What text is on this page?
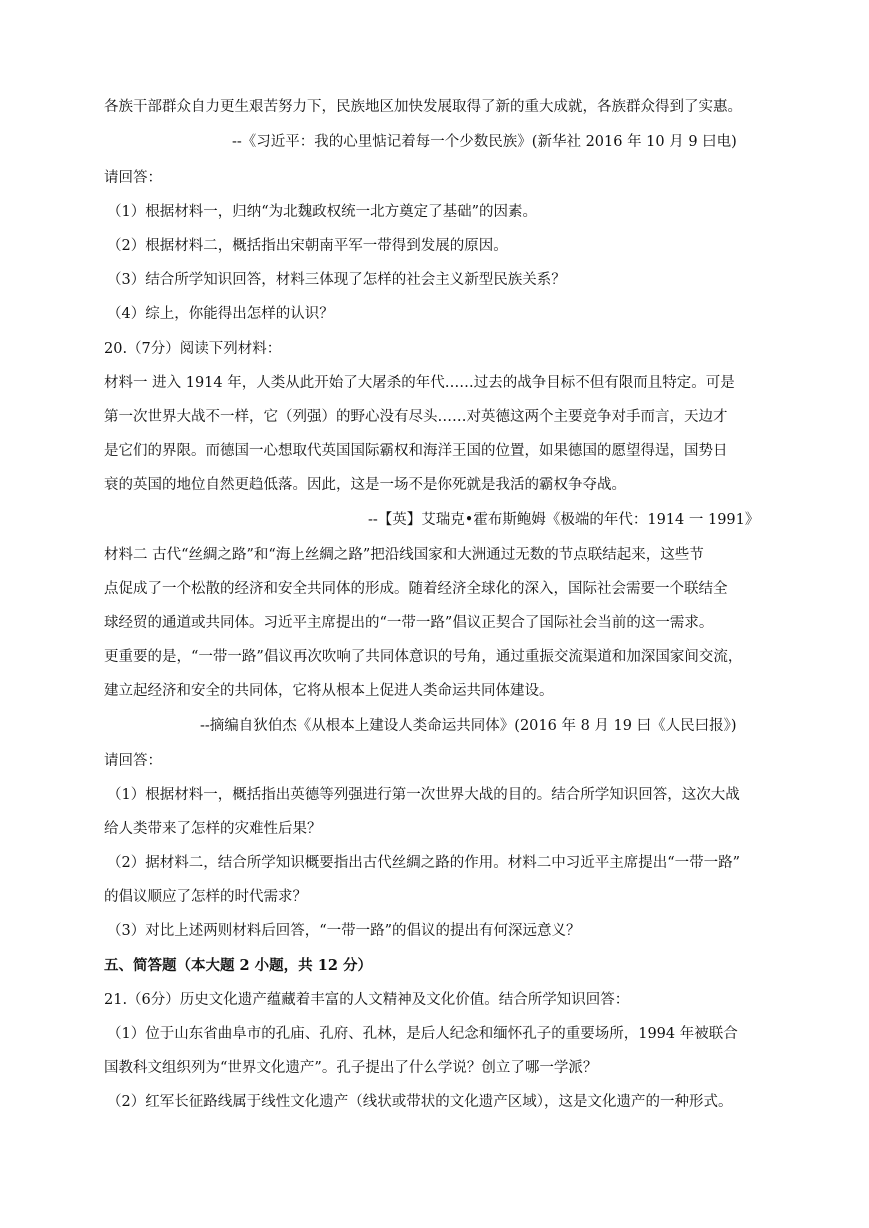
各族干部群众自力更生艰苦努力下，民族地区加快发展取得了新的重大成就，各族群众得到了实惠。
--《习近平：我的心里惦记着每一个少数民族》(新华社 2016 年 10 月 9 曰电)
请回答：
（1）根据材料一，归纳“为北魏政权统一北方奠定了基础”的因素。
（2）根据材料二，概括指出宋朝南平军一带得到发展的原因。
（3）结合所学知识回答，材料三体现了怎样的社会主义新型民族关系？
（4）综上，你能得出怎样的认识？
20.（7分）阅读下列材料：
材料一 进入 1914 年，人类从此开始了大屠杀的年代……过去的战争目标不但有限而且特定。可是
第一次世界大战不一样，它（列强）的野心没有尽头……对英德这两个主要竞争对手而言，天边才
是它们的界限。而德国一心想取代英国国际霸权和海洋王国的位置，如果德国的愿望得逞，国势日
衰的英国的地位自然更趋低落。因此，这是一场不是你死就是我活的霸权争夺战。
--【英】艾瑞克•霍布斯鲍姆《极端的年代：1914 一 1991》
材料二 古代“丝綢之路”和“海上丝綢之路”把沿线国家和大洲通过无数的节点联结起来，这些节
点促成了一个松散的经济和安全共同体的形成。随着经济全球化的深入，国际社会需要一个联结全
球经贸的通道或共同体。习近平主席提出的“一带一路”倡议正契合了国际社会当前的这一需求。
更重要的是，“一带一路”倡议再次吹响了共同体意识的号角，通过重振交流渠道和加深国家间交流，
建立起经济和安全的共同体，它将从根本上促进人类命运共同体建设。
--摘编自狄伯杰《从根本上建设人类命运共同体》(2016 年 8 月 19 曰《人民曰报》)
请回答：
（1）根据材料一，概括指出英德等列强进行第一次世界大战的目的。结合所学知识回答，这次大战
给人类带来了怎样的灾难性后果？
（2）据材料二，结合所学知识概要指出古代丝綢之路的作用。材料二中习近平主席提出“一带一路”
的倡议顺应了怎样的时代需求？
（3）对比上述两则材料后回答，“一带一路”的倡议的提出有何深远意义？
五、简答题（本大题 2 小题，共 12 分）
21.（6分）历史文化遗产蕴藏着丰富的人文精神及文化价值。结合所学知识回答：
（1）位于山东省曲阜市的孔庙、孔府、孔林，是后人纪念和缅怀孔子的重要场所，1994 年被联合
国教科文组织列为“世界文化遗产”。孔子提出了什么学说？创立了哪一学派？
（2）红军长征路线属于线性文化遗产（线状或带状的文化遗产区域），这是文化遗产的一种形式。
